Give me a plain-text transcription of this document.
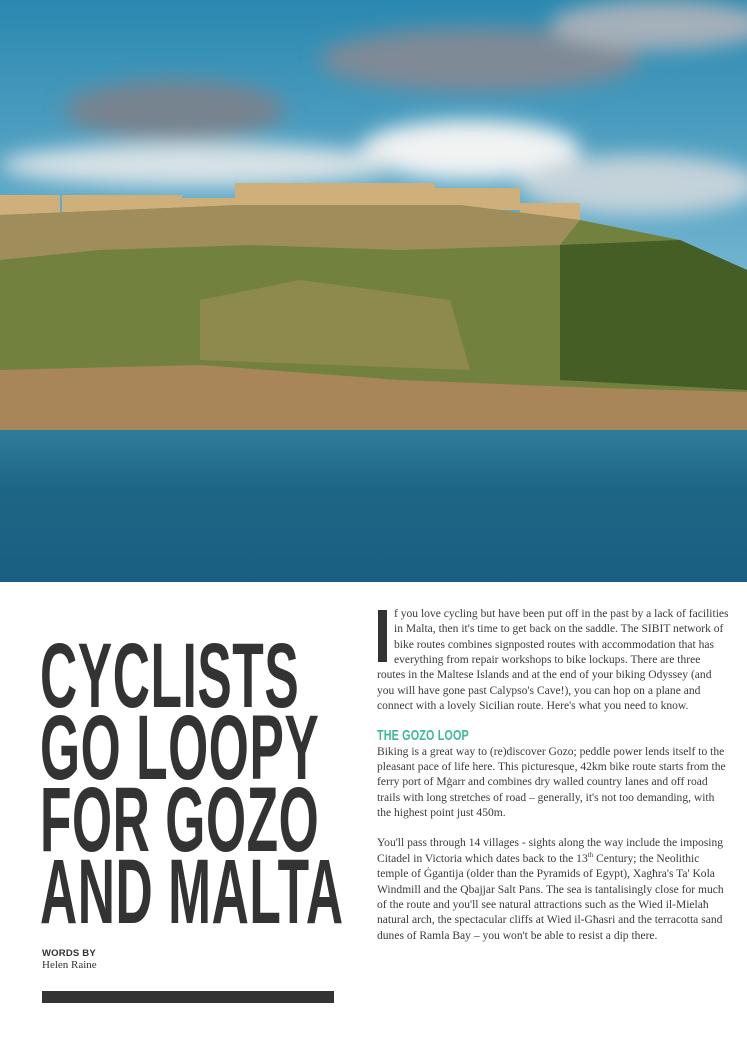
CYCLISTS
GO LOOPY
FOR GOZO
AND MALTA
WORDS BY
Helen Raine

f you love cycling but have been put off in the past by a lack of facilities in Malta, then it's time to get back on the saddle. The SIBIT network of bike routes combines signposted routes with accommodation that has everything from repair workshops to bike lockups. There are three routes in the Maltese Islands and at the end of your biking Odyssey (and you will have gone past Calypso's Cave!), you can hop on a plane and connect with a lovely Sicilian route. Here's what you need to know.

THE GOZO LOOP

Biking is a great way to (re)discover Gozo; peddle power lends itself to the pleasant pace of life here. This picturesque, 42km bike route starts from the ferry port of Mġarr and combines dry walled country lanes and off road trails with long stretches of road – generally, it's not too demanding, with the highest point just 450m.

You'll pass through 14 villages - sights along the way include the imposing Citadel in Victoria which dates back to the 13th Century; the Neolithic temple of Ġgantija (older than the Pyramids of Egypt), Xagħra's Ta' Kola Windmill and the Qbajjar Salt Pans. The sea is tantalisingly close for much of the route and you'll see natural attractions such as the Wied il-Mielaħ natural arch, the spectacular cliffs at Wied il-Għasri and the terracotta sand dunes of Ramla Bay – you won't be able to resist a dip there.
